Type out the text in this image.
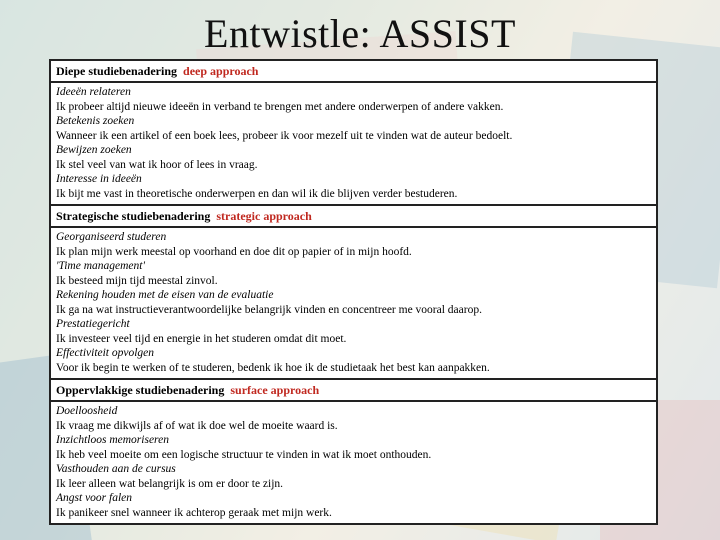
Entwistle: ASSIST
Diepe studiebenadering deep approach
Ideeën relateren
Ik probeer altijd nieuwe ideeën in verband te brengen met andere onderwerpen of andere vakken.
Betekenis zoeken
Wanneer ik een artikel of een boek lees, probeer ik voor mezelf uit te vinden wat de auteur bedoelt.
Bewijzen zoeken
Ik stel veel van wat ik hoor of lees in vraag.
Interesse in ideeën
Ik bijt me vast in theoretische onderwerpen en dan wil ik die blijven verder bestuderen.
Strategische studiebenadering strategic approach
Georganiseerd studeren
Ik plan mijn werk meestal op voorhand en doe dit op papier of in mijn hoofd.
'Time management'
Ik besteed mijn tijd meestal zinvol.
Rekening houden met de eisen van de evaluatie
Ik ga na wat instructieverantwoordelijke belangrijk vinden en concentreer me vooral daarop.
Prestatiegericht
Ik investeer veel tijd en energie in het studeren omdat dit moet.
Effectiviteit opvolgen
Voor ik begin te werken of te studeren, bedenk ik hoe ik de studietaak het best kan aanpakken.
Oppervlakkige studiebenadering surface approach
Doelloosheid
Ik vraag me dikwijls af of wat ik doe wel de moeite waard is.
Inzichtloos memoriseren
Ik heb veel moeite om een logische structuur te vinden in wat ik moet onthouden.
Vasthouden aan de cursus
Ik leer alleen wat belangrijk is om er door te zijn.
Angst voor falen
Ik panikeer snel wanneer ik achterop geraak met mijn werk.
